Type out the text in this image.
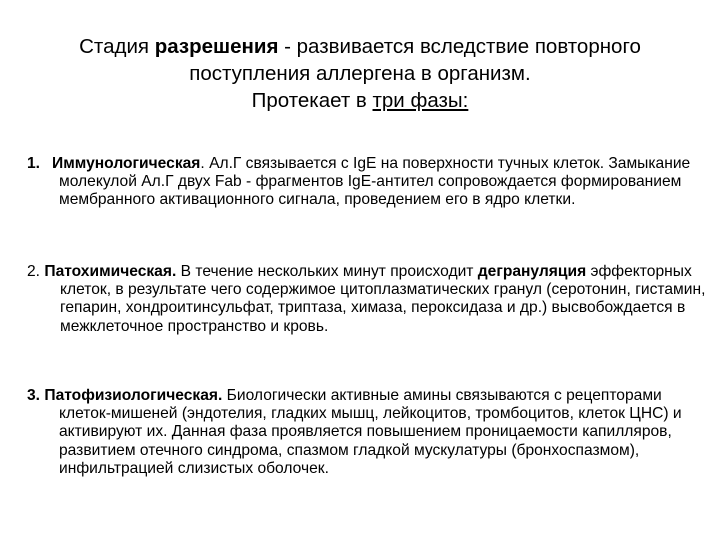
Стадия разрешения - развивается вследствие повторного
поступления аллергена в организм.
Протекает в три фазы:
1. Иммунологическая. Ал.Г связывается с IgE на поверхности тучных клеток. Замыкание молекулой Ал.Г двух Fab - фрагментов IgE-антител сопровождается формированием мембранного активационного сигнала, проведением его в ядро клетки.
2. Патохимическая. В течение нескольких минут происходит дегрануляция эффекторных клеток, в результате чего содержимое цитоплазматических гранул (серотонин, гистамин, гепарин, хондроитинсульфат, триптаза, химаза, пероксидаза и др.) высвобождается в межклеточное пространство и кровь.
3. Патофизиологическая. Биологически активные амины связываются с рецепторами клеток-мишеней (эндотелия, гладких мышц, лейкоцитов, тромбоцитов, клеток ЦНС) и активируют их. Данная фаза проявляется повышением проницаемости капилляров, развитием отечного синдрома, спазмом гладкой мускулатуры (бронхоспазмом), инфильтрацией слизистых оболочек.
